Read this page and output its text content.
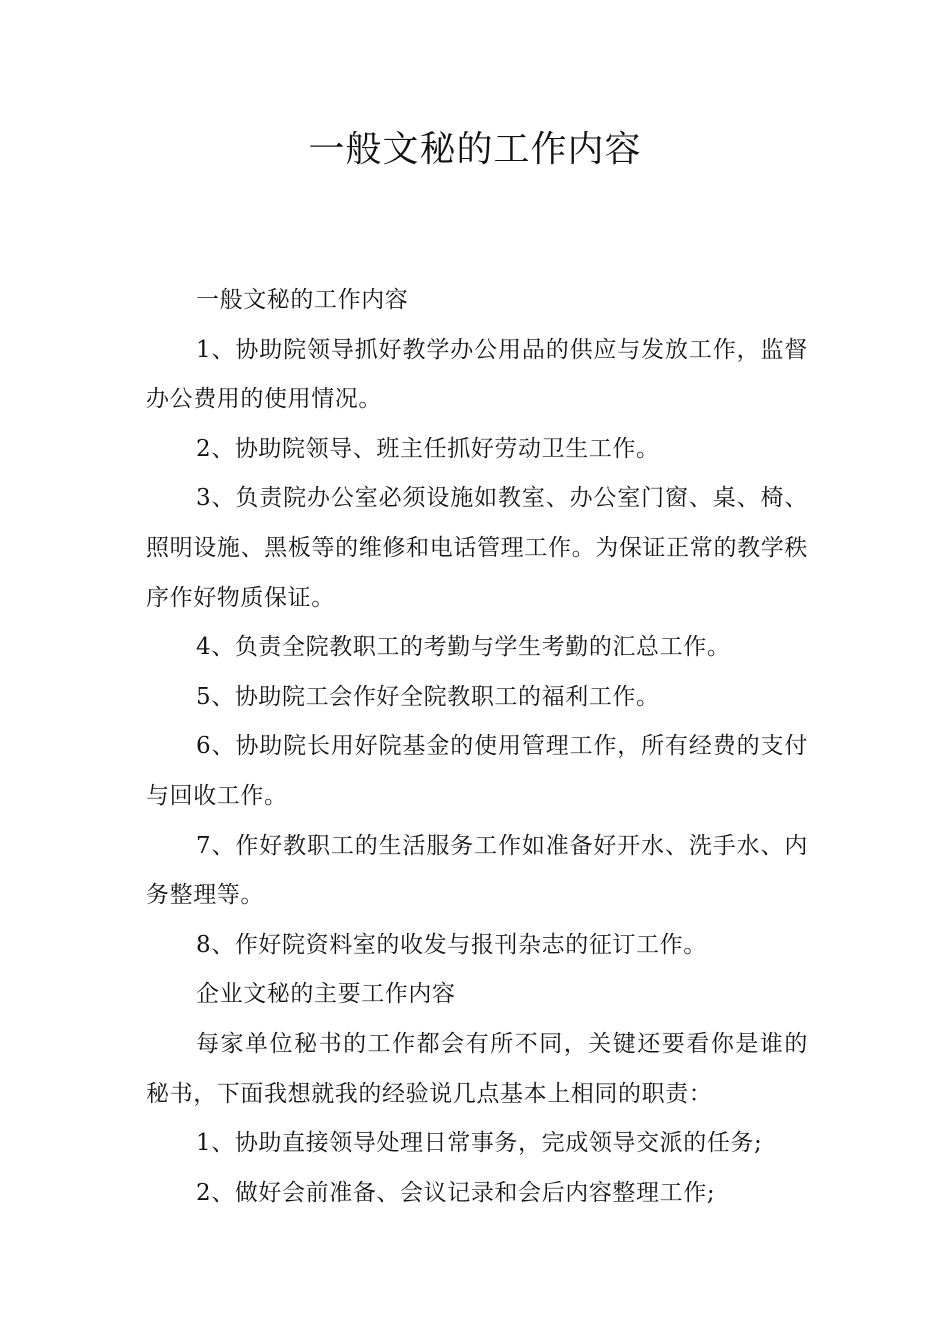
一般文秘的工作内容

一般文秘的工作内容

1、协助院领导抓好教学办公用品的供应与发放工作，监督办公费用的使用情况。

2、协助院领导、班主任抓好劳动卫生工作。

3、负责院办公室必须设施如教室、办公室门窗、桌、椅、照明设施、黑板等的维修和电话管理工作。为保证正常的教学秩序作好物质保证。

4、负责全院教职工的考勤与学生考勤的汇总工作。

5、协助院工会作好全院教职工的福利工作。

6、协助院长用好院基金的使用管理工作，所有经费的支付与回收工作。

7、作好教职工的生活服务工作如准备好开水、洗手水、内务整理等。

8、作好院资料室的收发与报刊杂志的征订工作。

企业文秘的主要工作内容

每家单位秘书的工作都会有所不同，关键还要看你是谁的秘书，下面我想就我的经验说几点基本上相同的职责：

1、协助直接领导处理日常事务，完成领导交派的任务;

2、做好会前准备、会议记录和会后内容整理工作;
